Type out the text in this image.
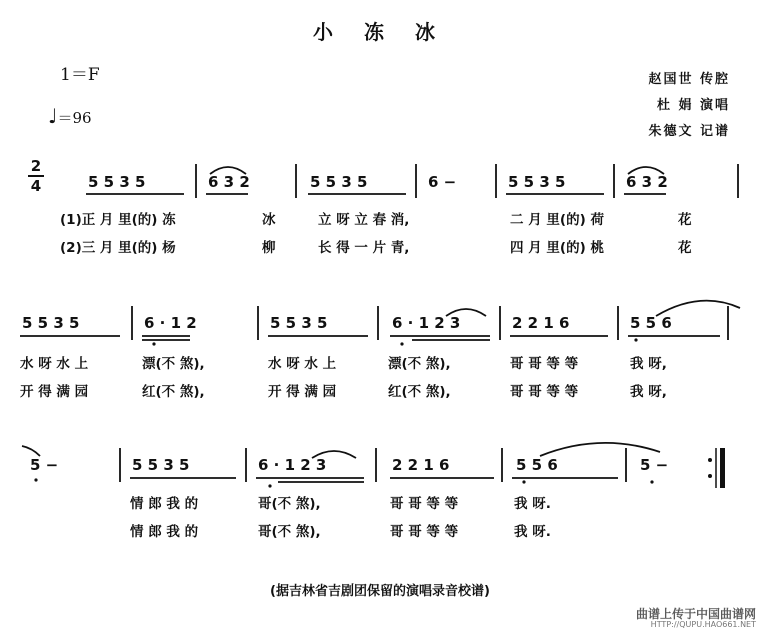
小 冻 冰
1＝F
♩＝96
赵国世 传腔
杜 娟 演唱
朱德文 记谱
2
4	5 5 3 5	6 3 2	5 5 3 5	6 −	5 5 3 5	6 3 2
(1)正 月 里(的) 冻	冰	立 呀 立 春 消,	二 月 里(的) 荷	花
(2)三 月 里(的) 杨	柳	长 得 一 片 青,	四 月 里(的) 桃	花
5 5 3 5	6 · 1 2	5 5 3 5	6 · 1 2 3	2 2 1 6	5 5 6
水 呀 水 上	漂(不 煞),	水 呀 水 上	漂(不 煞),	哥 哥 等 等	我 呀,
开 得 满 园	红(不 煞),	开 得 满 园	红(不 煞),	哥 哥 等 等	我 呀,
5 −	5 5 3 5	6 · 1 2 3	2 2 1 6	5 5 6	5 −
情 郎 我 的	哥(不 煞),	哥 哥 等 等	我 呀.
情 郎 我 的	哥(不 煞),	哥 哥 等 等	我 呀.
(据吉林省吉剧团保留的演唱录音校谱)
曲谱上传于中国曲谱网
HTTP://QUPU.HAO661.NET
